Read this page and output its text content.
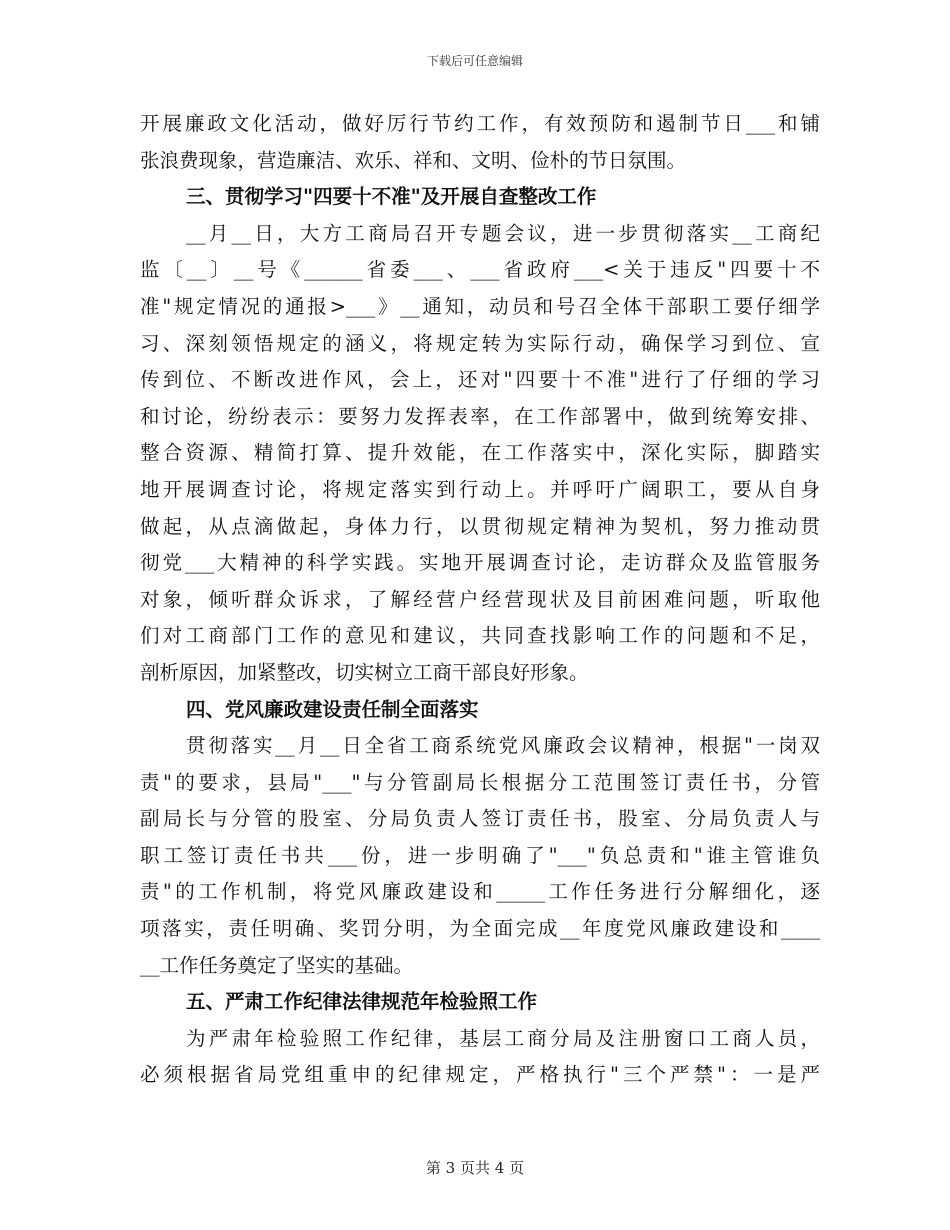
下载后可任意编辑
开展廉政文化活动，做好厉行节约工作，有效预防和遏制节日___和铺
张浪费现象，营造廉洁、欢乐、祥和、文明、俭朴的节日氛围。
三、贯彻学习"四要十不准"及开展自查整改工作
__月__日，大方工商局召开专题会议，进一步贯彻落实__工商纪
监〔__〕__号《______省委___、___省政府___<关于违反"四要十不
准"规定情况的通报>___》__通知，动员和号召全体干部职工要仔细学
习、深刻领悟规定的涵义，将规定转为实际行动，确保学习到位、宣
传到位、不断改进作风，会上，还对"四要十不准"进行了仔细的学习
和讨论，纷纷表示：要努力发挥表率，在工作部署中，做到统筹安排、
整合资源、精简打算、提升效能，在工作落实中，深化实际，脚踏实
地开展调查讨论，将规定落实到行动上。并呼吁广阔职工，要从自身
做起，从点滴做起，身体力行，以贯彻规定精神为契机，努力推动贯
彻党___大精神的科学实践。实地开展调查讨论，走访群众及监管服务
对象，倾听群众诉求，了解经营户经营现状及目前困难问题，听取他
们对工商部门工作的意见和建议，共同查找影响工作的问题和不足，
剖析原因，加紧整改，切实树立工商干部良好形象。
四、党风廉政建设责任制全面落实
贯彻落实__月__日全省工商系统党风廉政会议精神，根据"一岗双
责"的要求，县局"___"与分管副局长根据分工范围签订责任书，分管
副局长与分管的股室、分局负责人签订责任书，股室、分局负责人与
职工签订责任书共___份，进一步明确了"___"负总责和"谁主管谁负
责"的工作机制，将党风廉政建设和_____工作任务进行分解细化，逐
项落实，责任明确、奖罚分明，为全面完成__年度党风廉政建设和____
__工作任务奠定了坚实的基础。
五、严肃工作纪律法律规范年检验照工作
为严肃年检验照工作纪律，基层工商分局及注册窗口工商人员，
必须根据省局党组重申的纪律规定，严格执行"三个严禁"：一是严
第 3 页共 4 页
